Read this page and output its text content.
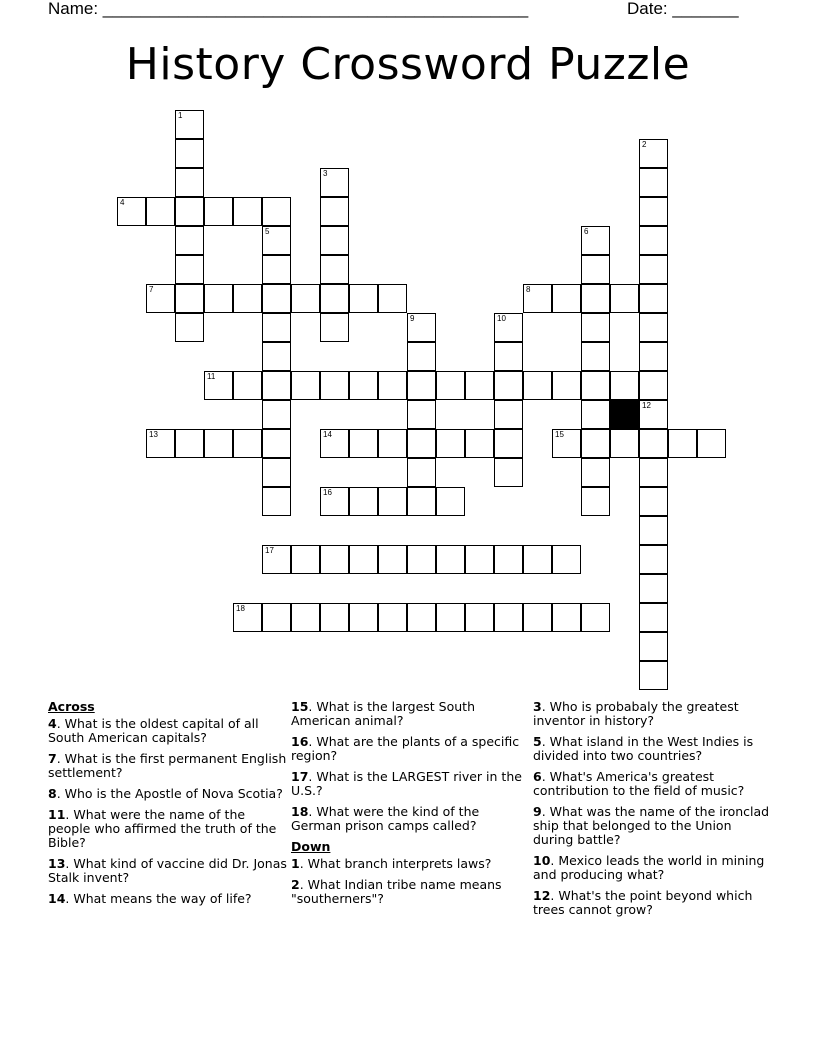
Name: _____________________________________________	Date: _______
History Crossword Puzzle
1
2
12
3
4
5	6
7	8
9	10
11
13	14	15
16
17
18
Across
4. What is the oldest capital of all South American capitals?
7. What is the first permanent English settlement?
8. Who is the Apostle of Nova Scotia?
11. What were the name of the people who affirmed the truth of the Bible?
13. What kind of vaccine did Dr. Jonas Stalk invent?
14. What means the way of life?
15. What is the largest South American animal?
16. What are the plants of a specific region?
17. What is the LARGEST river in the U.S.?
18. What were the kind of the German prison camps called?
Down
1. What branch interprets laws?
2. What Indian tribe name means "southerners"?
3. Who is probabaly the greatest inventor in history?
5. What island in the West Indies is divided into two countries?
6. What's America's greatest contribution to the field of music?
9. What was the name of the ironclad ship that belonged to the Union during battle?
10. Mexico leads the world in mining and producing what?
12. What's the point beyond which trees cannot grow?
